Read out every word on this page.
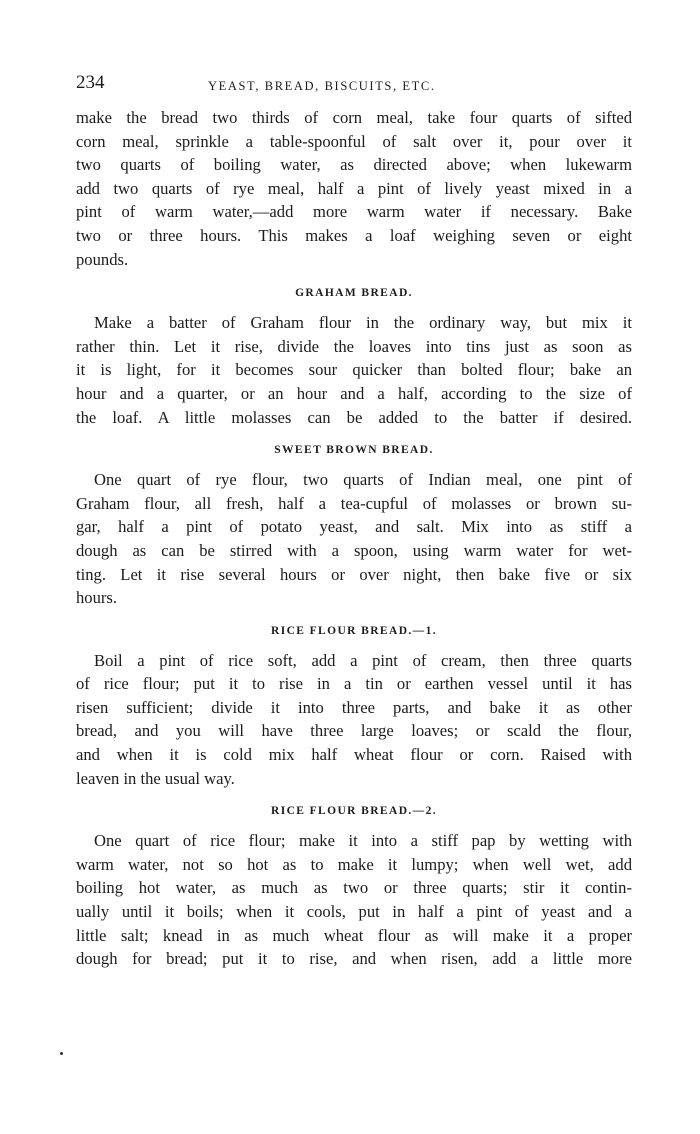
234	YEAST, BREAD, BISCUITS, ETC.

make the bread two thirds of corn meal, take four quarts of sifted
corn meal, sprinkle a table-spoonful of salt over it, pour over it
two quarts of boiling water, as directed above; when lukewarm
add two quarts of rye meal, half a pint of lively yeast mixed in a
pint of warm water,—add more warm water if necessary. Bake
two or three hours. This makes a loaf weighing seven or eight
pounds.

GRAHAM BREAD.

Make a batter of Graham flour in the ordinary way, but mix it
rather thin. Let it rise, divide the loaves into tins just as soon as
it is light, for it becomes sour quicker than bolted flour; bake an
hour and a quarter, or an hour and a half, according to the size of
the loaf. A little molasses can be added to the batter if desired.

SWEET BROWN BREAD.

One quart of rye flour, two quarts of Indian meal, one pint of
Graham flour, all fresh, half a tea-cupful of molasses or brown su-
gar, half a pint of potato yeast, and salt. Mix into as stiff a
dough as can be stirred with a spoon, using warm water for wet-
ting. Let it rise several hours or over night, then bake five or six
hours.

RICE FLOUR BREAD.—1.

Boil a pint of rice soft, add a pint of cream, then three quarts
of rice flour; put it to rise in a tin or earthen vessel until it has
risen sufficient; divide it into three parts, and bake it as other
bread, and you will have three large loaves; or scald the flour,
and when it is cold mix half wheat flour or corn. Raised with
leaven in the usual way.

RICE FLOUR BREAD.—2.

One quart of rice flour; make it into a stiff pap by wetting with
warm water, not so hot as to make it lumpy; when well wet, add
boiling hot water, as much as two or three quarts; stir it contin-
ually until it boils; when it cools, put in half a pint of yeast and a
little salt; knead in as much wheat flour as will make it a proper
dough for bread; put it to rise, and when risen, add a little more
